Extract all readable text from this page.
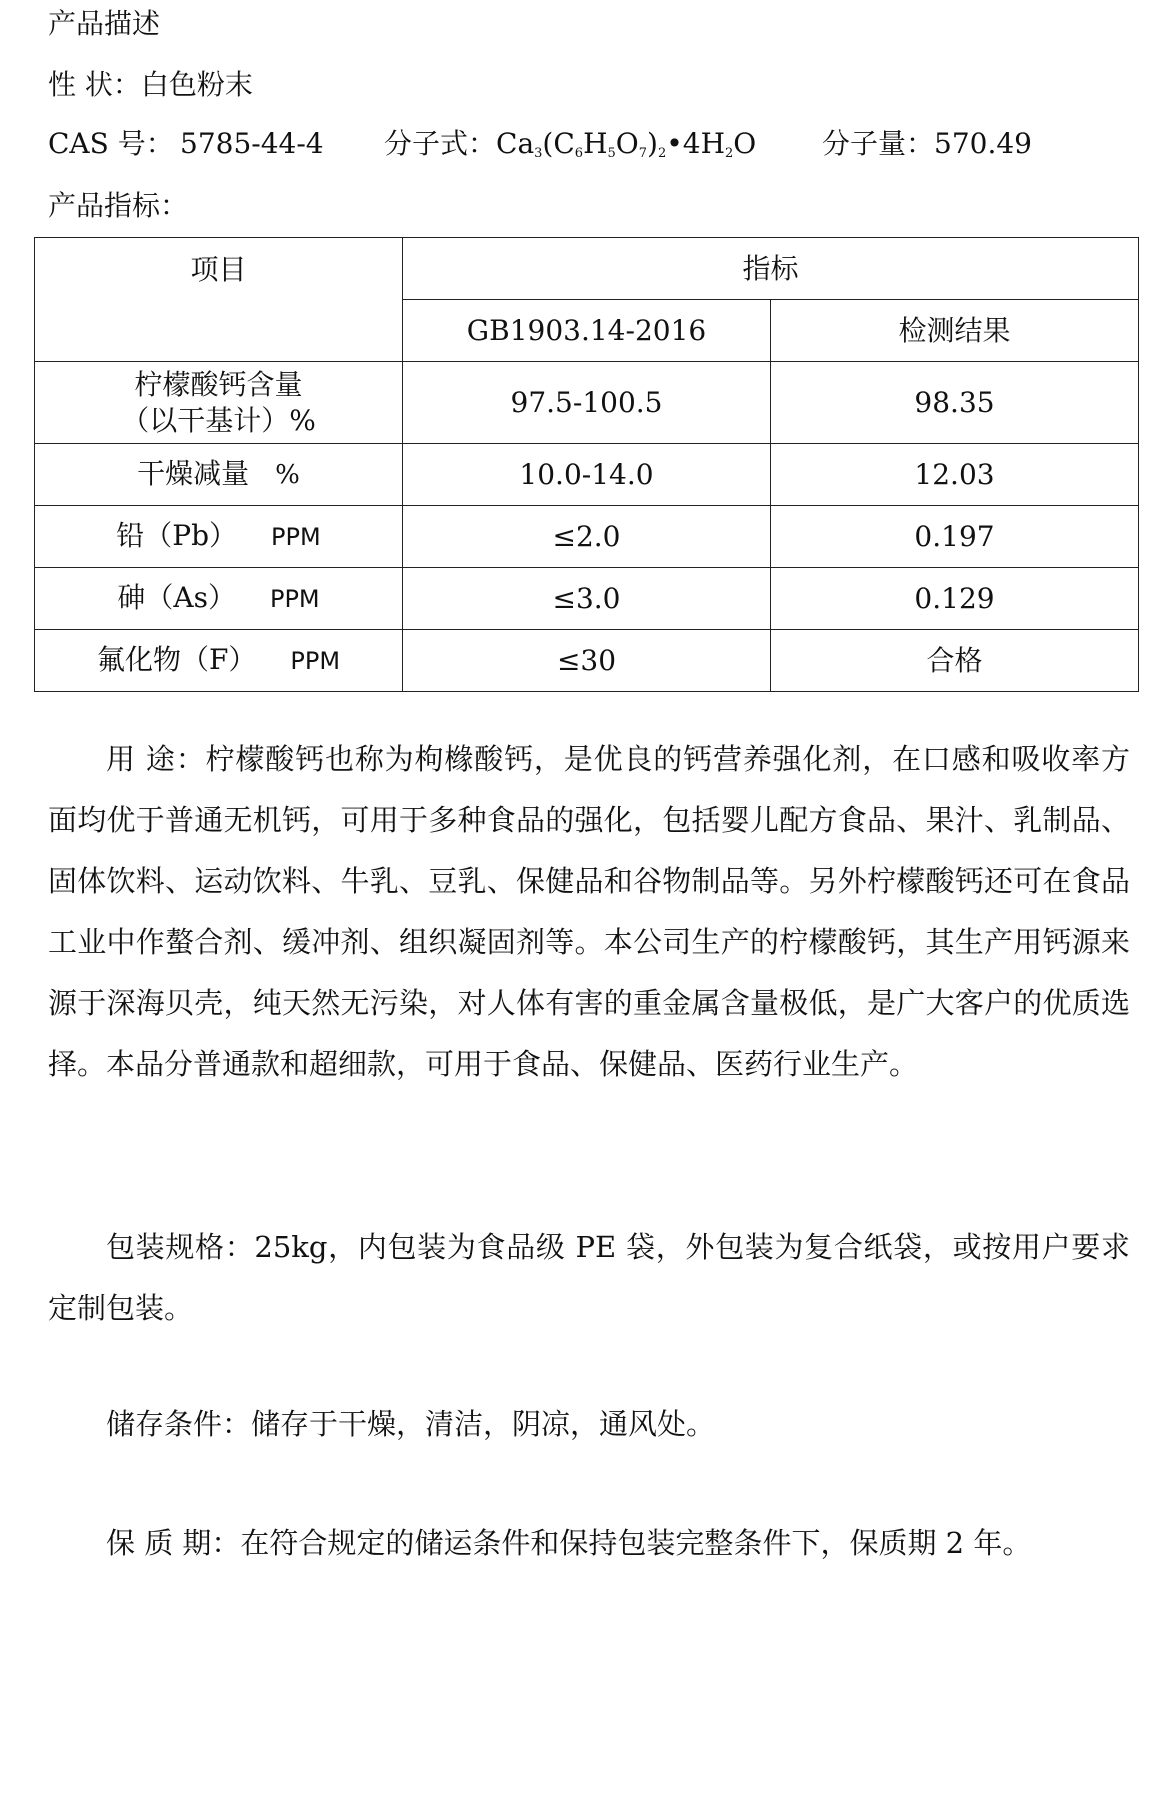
产品描述
性 状：白色粉末
CAS 号： 5785-44-4 分子式：$Ca_3(C_6H_5O_7)_2•4H_2O$ 分子量：570.49
产品指标：
项目	指标	
	GB1903.14-2016	检测结果

柠檬酸钙含量
（以干基计）%	97.5-100.5	98.35
干燥减量 %	10.0-14.0	12.03
铅（Pb） PPM	≤2.0	0.197
砷（As） PPM	≤3.0	0.129
氟化物（F） PPM	≤30	合格
用 途：柠檬酸钙也称为枸橼酸钙，是优良的钙营养强化剂，在口感和吸收率方面均优于普通无机钙，可用于多种食品的强化，包括婴儿配方食品、果汁、乳制品、固体饮料、运动饮料、牛乳、豆乳、保健品和谷物制品等。另外柠檬酸钙还可在食品工业中作螯合剂、缓冲剂、组织凝固剂等。本公司生产的柠檬酸钙，其生产用钙源来源于深海贝壳，纯天然无污染，对人体有害的重金属含量极低，是广大客户的优质选择。本品分普通款和超细款，可用于食品、保健品、医药行业生产。
包装规格：25kg，内包装为食品级 PE 袋，外包装为复合纸袋，或按用户要求定制包装。
储存条件：储存于干燥，清洁，阴凉，通风处。
保 质 期：在符合规定的储运条件和保持包装完整条件下，保质期 2 年。
